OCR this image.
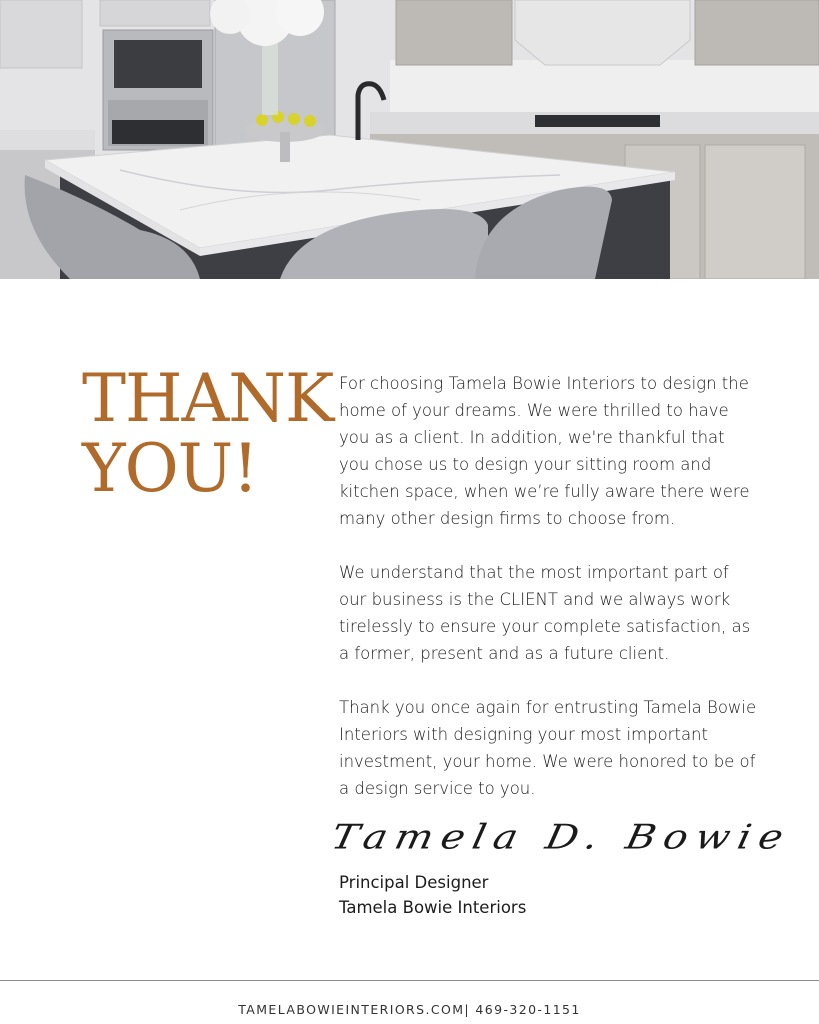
THANK
YOU!

For choosing Tamela Bowie Interiors to design the home of your dreams. We were thrilled to have you as a client. In addition, we're thankful that you chose us to design your sitting room and kitchen space, when we’re fully aware there were many other design firms to choose from.

We understand that the most important part of our business is the CLIENT and we always work tirelessly to ensure your complete satisfaction, as a former, present and as a future client.

Thank you once again for entrusting Tamela Bowie Interiors with designing your most important investment, your home. We were honored to be of a design service to you.

Tamela D. Bowie
Principal Designer
Tamela Bowie Interiors
TAMELABOWIEINTERIORS.COM| 469-320-1151
